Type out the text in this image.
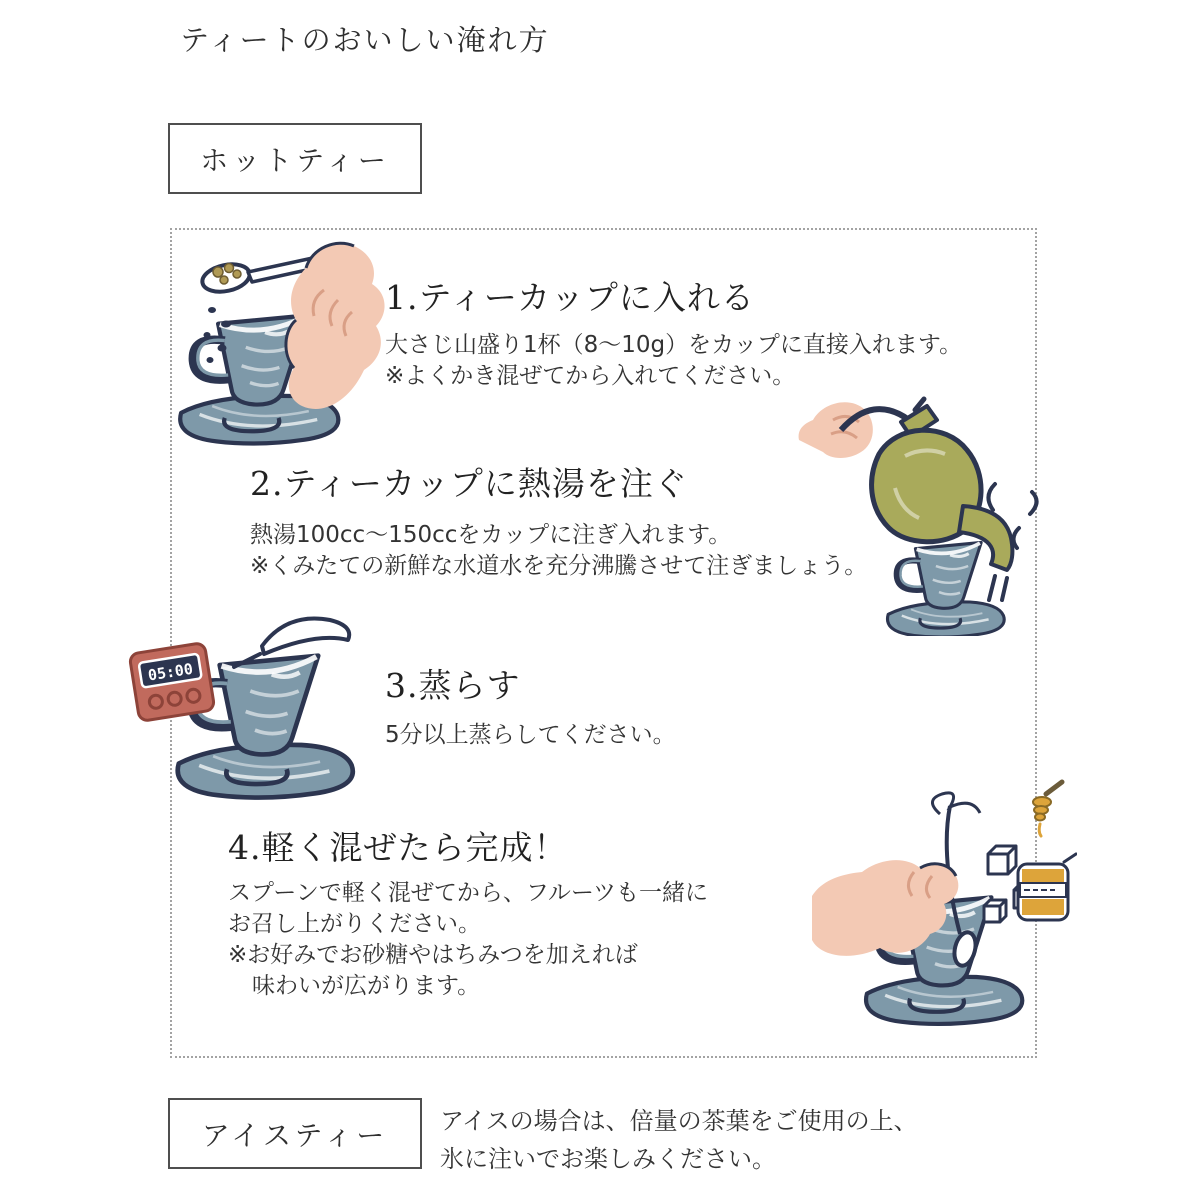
ティートのおいしい淹れ方
ホットティー
1.ティーカップに入れる
大さじ山盛り1杯（8～10g）をカップに直接入れます。
※よくかき混ぜてから入れてください。
2.ティーカップに熱湯を注ぐ
熱湯100cc～150ccをカップに注ぎ入れます。
※くみたての新鮮な水道水を充分沸騰させて注ぎましょう。
05:00	3.蒸らす
5分以上蒸らしてください。
4.軽く混ぜたら完成！
スプーンで軽く混ぜてから、フルーツも一緒に
お召し上がりください。
※お好みでお砂糖やはちみつを加えれば
味わいが広がります。
アイスティー アイスの場合は、倍量の茶葉をご使用の上、
氷に注いでお楽しみください。
